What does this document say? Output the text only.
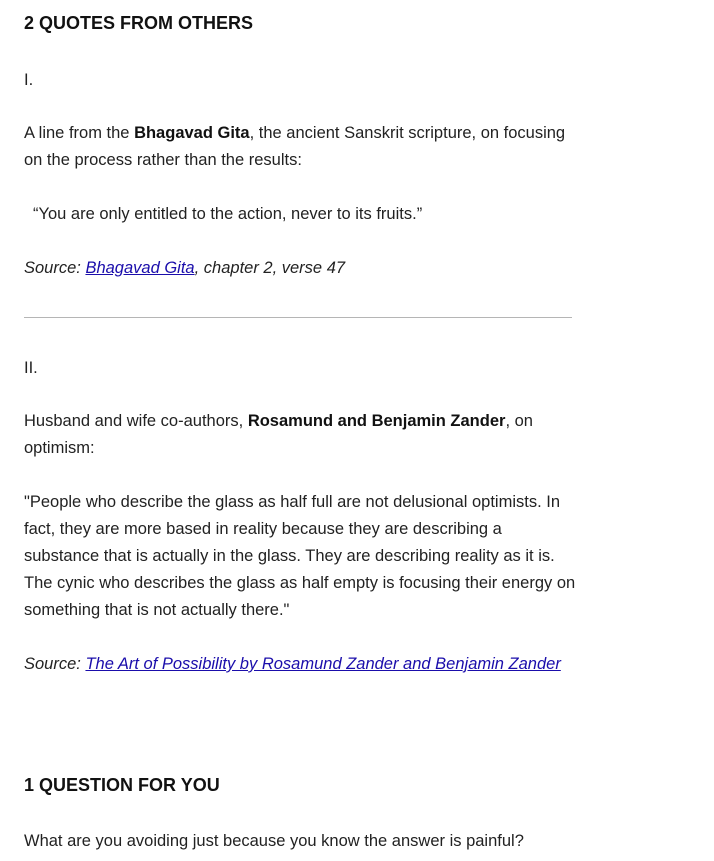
2 QUOTES FROM OTHERS

I.

A line from the Bhagavad Gita, the ancient Sanskrit scripture, on focusing on the process rather than the results:

“You are only entitled to the action, never to its fruits.”

Source: Bhagavad Gita, chapter 2, verse 47

II.

Husband and wife co-authors, Rosamund and Benjamin Zander, on optimism:

"People who describe the glass as half full are not delusional optimists. In fact, they are more based in reality because they are describing a substance that is actually in the glass. They are describing reality as it is. The cynic who describes the glass as half empty is focusing their energy on something that is not actually there."

Source: The Art of Possibility by Rosamund Zander and Benjamin Zander

1 QUESTION FOR YOU

What are you avoiding just because you know the answer is painful?
